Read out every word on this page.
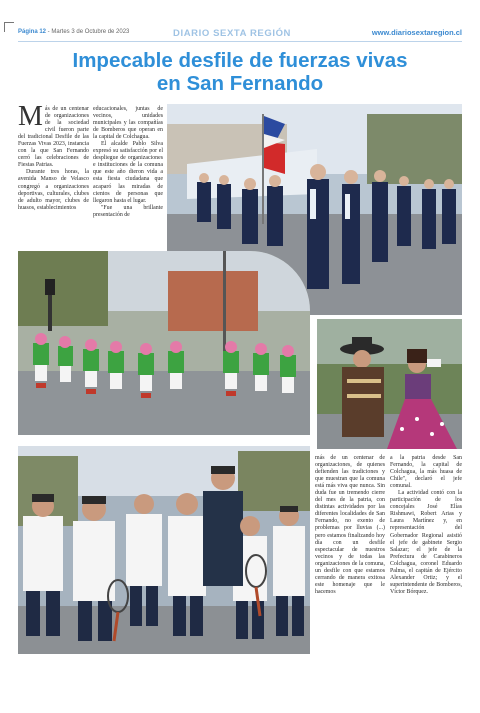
Página 12 - Martes 3 de Octubre de 2023	DIARIO SEXTA REGIÓN	www.diariosextaregion.cl
Impecable desfile de fuerzas vivas
en San Fernando

Más de un centenar de organizaciones de la sociedad civil fueron parte del tradicional Desfile de las Fuerzas Vivas 2023, instancia con la que San Fernando cerró las celebraciones de Fiestas Patrias.

Durante tres horas, la avenida Manso de Velasco congregó a organizaciones deportivas, culturales, clubes de adulto mayor, clubes de huasos, establecimientos

educacionales, juntas de vecinos, unidades municipales y las compañías de Bomberos que operan en la capital de Colchagua.

El alcalde Pablo Silva expresó su satisfacción por el despliegue de organizaciones e instituciones de la comuna que este año dieron vida a esta fiesta ciudadana que acaparó las miradas de cientos de personas que llegaron hasta el lugar.

"Fue una brillante presentación de

más de un centenar de organizaciones, de quienes defienden las tradiciones y que muestran que la comuna está más viva que nunca. Sin duda fue un tremendo cierre del mes de la patria, con distintas actividades por las diferentes localidades de San Fernando, no exento de problemas por lluvias (...) pero estamos finalizando hoy día con un desfile espectacular de nuestros vecinos y de todas las organizaciones de la comuna, un desfile con que estamos cerrando de manera exitosa este homenaje que le hacemos

a la patria desde San Fernando, la capital de Colchagua, la más huasa de Chile", declaró el jefe comunal.

La actividad contó con la participación de los concejales José Elías Rishmawi, Robert Arias y Laura Martínez y, en representación del Gobernador Regional asistió el jefe de gabinete Sergio Salazar; el jefe de la Prefectura de Carabineros Colchagua, coronel Eduardo Palma, el capitán de Ejército Alexander Ortiz; y el superintendente de Bomberos, Víctor Bórquez.
